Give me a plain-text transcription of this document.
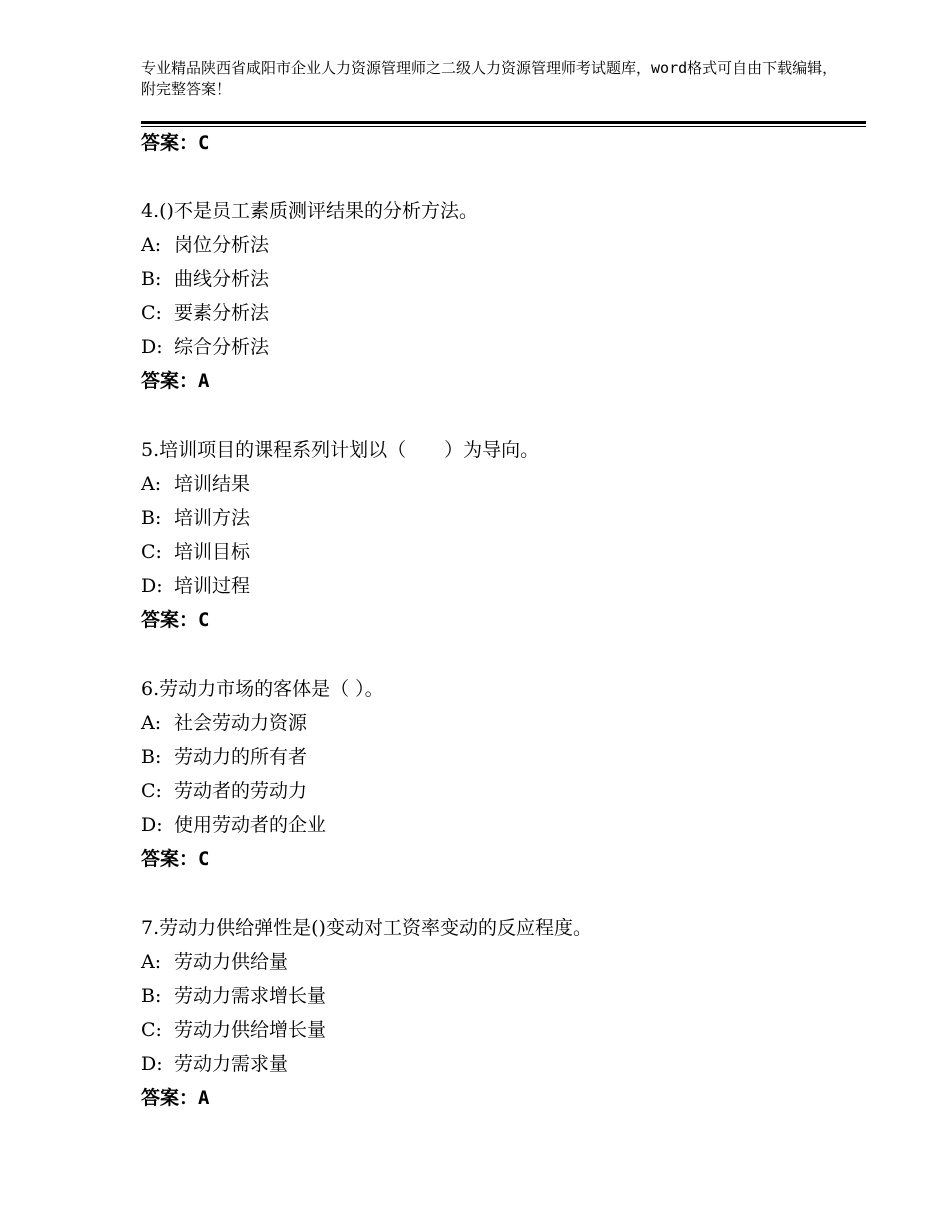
专业精品陕西省咸阳市企业人力资源管理师之二级人力资源管理师考试题库，word格式可自由下载编辑，附完整答案！
答案：C
4.()不是员工素质测评结果的分析方法。
A: 岗位分析法
B: 曲线分析法
C: 要素分析法
D: 综合分析法
答案：A
5.培训项目的课程系列计划以（　　）为导向。
A: 培训结果
B: 培训方法
C: 培训目标
D: 培训过程
答案：C
6.劳动力市场的客体是（ ）。
A: 社会劳动力资源
B: 劳动力的所有者
C: 劳动者的劳动力
D: 使用劳动者的企业
答案：C
7.劳动力供给弹性是()变动对工资率变动的反应程度。
A: 劳动力供给量
B: 劳动力需求增长量
C: 劳动力供给增长量
D: 劳动力需求量
答案：A
